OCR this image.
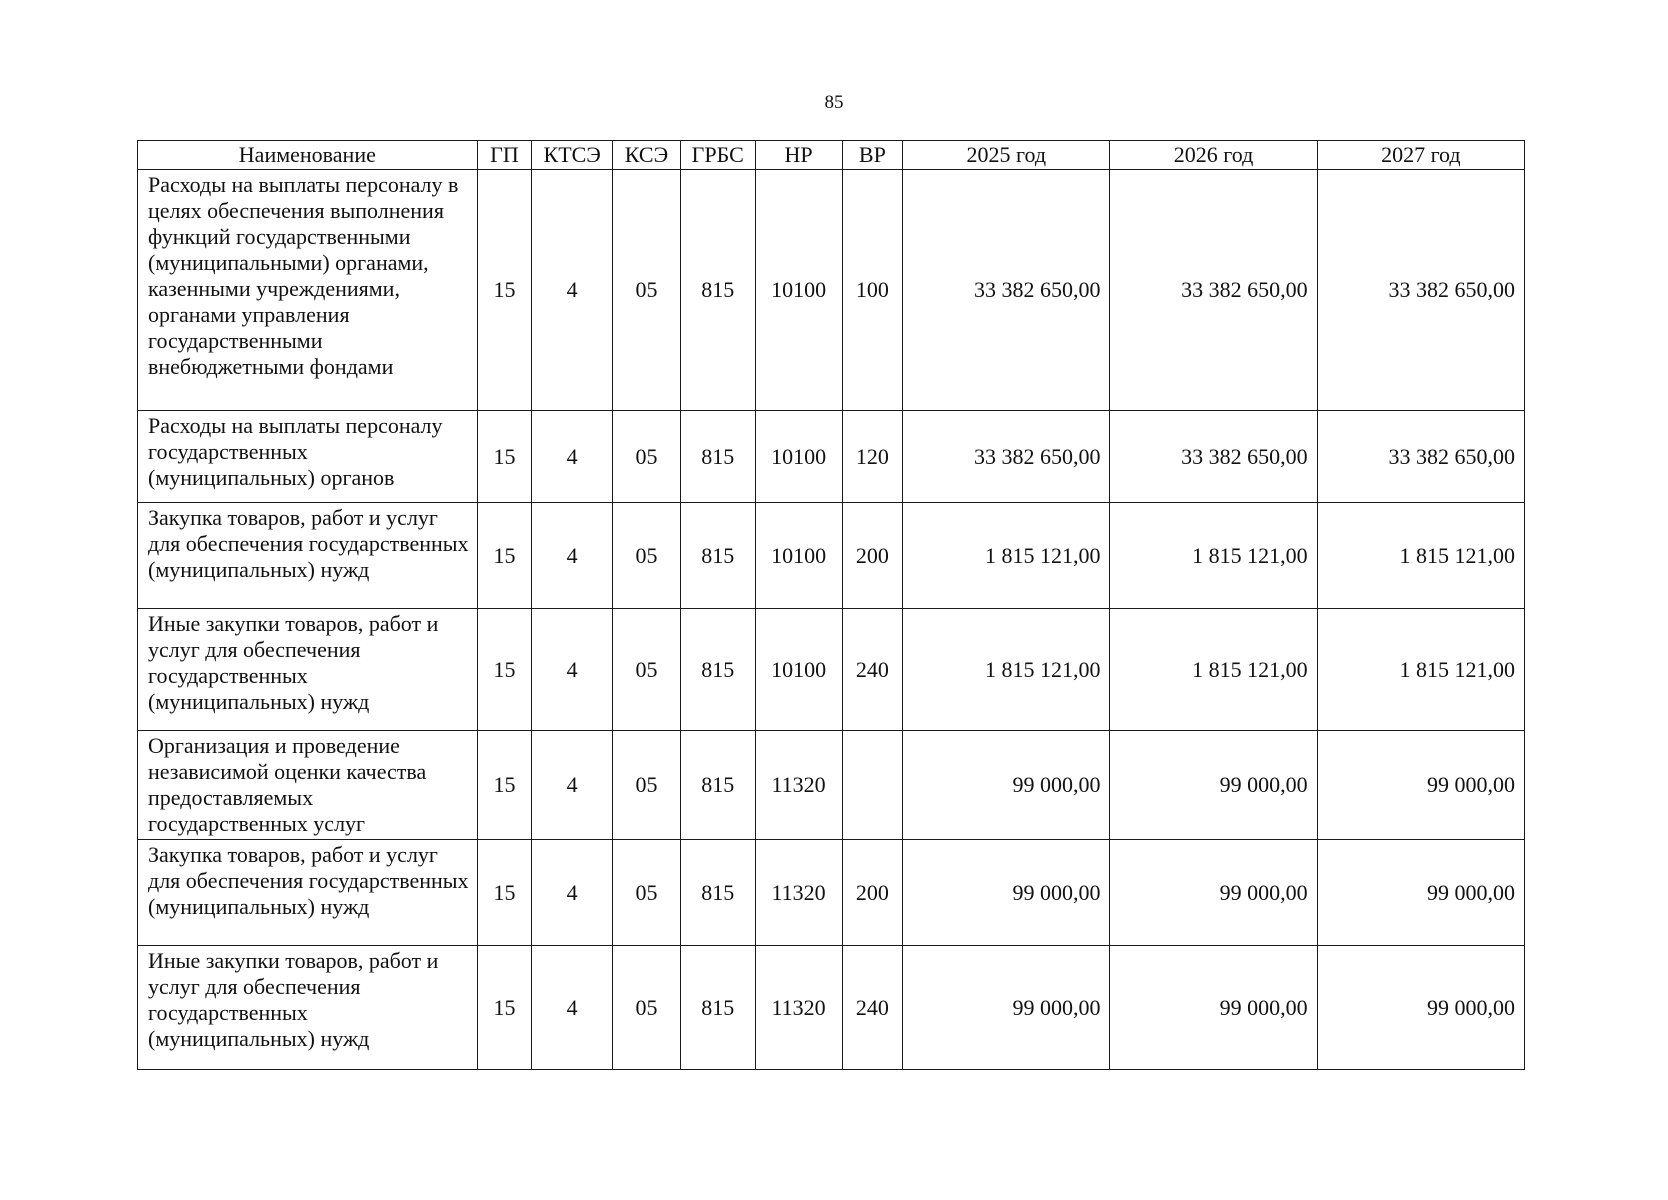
85
Наименование	ГП	КТСЭ	КСЭ	ГРБС	НР	ВР	2025 год	2026 год	2027 год
Расходы на выплаты персоналу в целях обеспечения выполнения функций государственными (муниципальными) органами, казенными учреждениями, органами управления государственными внебюджетными фондами	15	4	05	815	10100	100	33 382 650,00	33 382 650,00	33 382 650,00
Расходы на выплаты персоналу государственных (муниципальных) органов	15	4	05	815	10100	120	33 382 650,00	33 382 650,00	33 382 650,00
Закупка товаров, работ и услуг для обеспечения государственных (муниципальных) нужд	15	4	05	815	10100	200	1 815 121,00	1 815 121,00	1 815 121,00
Иные закупки товаров, работ и услуг для обеспечения государственных (муниципальных) нужд	15	4	05	815	10100	240	1 815 121,00	1 815 121,00	1 815 121,00
Организация и проведение независимой оценки качества предоставляемых государственных услуг	15	4	05	815	11320		99 000,00	99 000,00	99 000,00
Закупка товаров, работ и услуг для обеспечения государственных (муниципальных) нужд	15	4	05	815	11320	200	99 000,00	99 000,00	99 000,00
Иные закупки товаров, работ и услуг для обеспечения государственных (муниципальных) нужд	15	4	05	815	11320	240	99 000,00	99 000,00	99 000,00
